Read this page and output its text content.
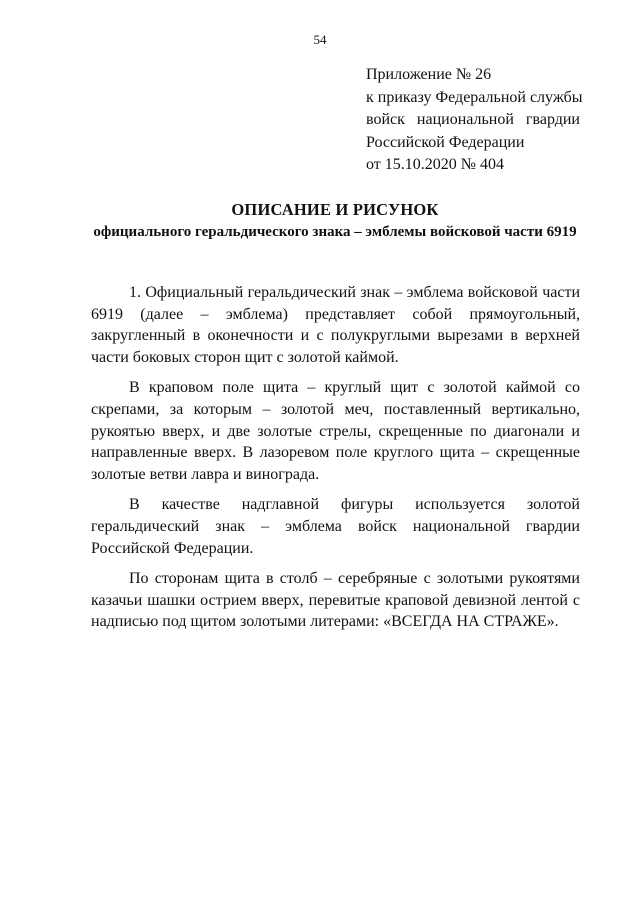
54
Приложение № 26
к приказу Федеральной службы
войск национальной гвардии
Российской Федерации
от 15.10.2020 № 404
ОПИСАНИЕ И РИСУНОК
официального геральдического знака – эмблемы войсковой части 6919

1. Официальный геральдический знак – эмблема войсковой части 6919 (далее – эмблема) представляет собой прямоугольный, закругленный в оконечности и с полукруглыми вырезами в верхней части боковых сторон щит с золотой каймой.

В краповом поле щита – круглый щит с золотой каймой со скрепами, за которым – золотой меч, поставленный вертикально, рукоятью вверх, и две золотые стрелы, скрещенные по диагонали и направленные вверх. В лазоревом поле круглого щита – скрещенные золотые ветви лавра и винограда.

В качестве надглавной фигуры используется золотой геральдический знак – эмблема войск национальной гвардии Российской Федерации.

По сторонам щита в столб – серебряные с золотыми рукоятями казачьи шашки острием вверх, перевитые краповой девизной лентой с надписью под щитом золотыми литерами: «ВСЕГДА НА СТРАЖЕ».
